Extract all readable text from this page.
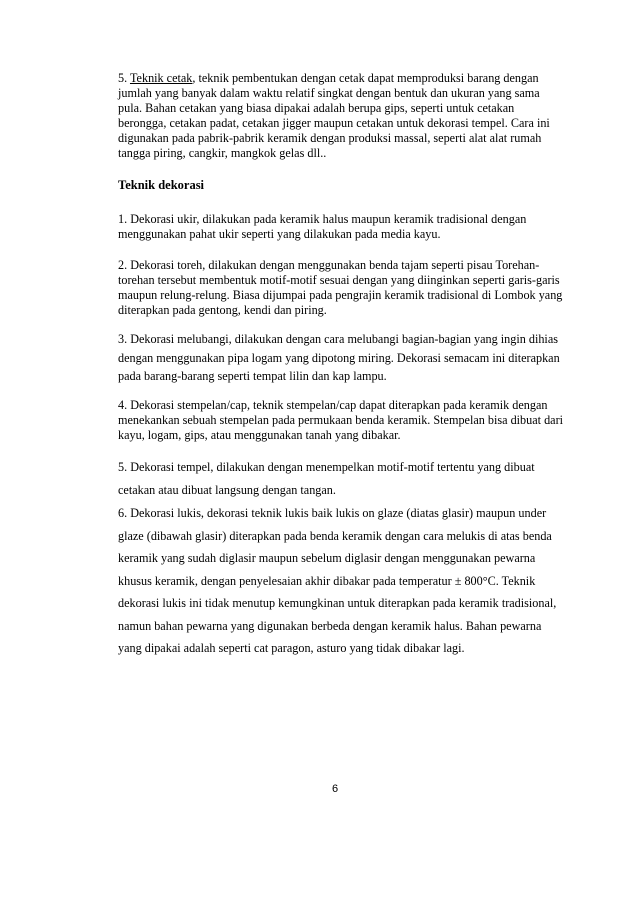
5. Teknik cetak, teknik pembentukan dengan cetak dapat memproduksi barang dengan jumlah yang banyak dalam waktu relatif singkat dengan bentuk dan ukuran yang sama pula. Bahan cetakan yang biasa dipakai adalah berupa gips, seperti untuk cetakan berongga, cetakan padat, cetakan jigger maupun cetakan untuk dekorasi tempel. Cara ini digunakan pada pabrik-pabrik keramik dengan produksi massal, seperti alat alat rumah tangga piring, cangkir, mangkok gelas dll..

Teknik dekorasi

1. Dekorasi ukir, dilakukan pada keramik halus maupun keramik tradisional dengan menggunakan pahat ukir seperti yang dilakukan pada media kayu.

2. Dekorasi toreh, dilakukan dengan menggunakan benda tajam seperti pisau Torehan-torehan tersebut membentuk motif-motif sesuai dengan yang diinginkan seperti garis-garis maupun relung-relung. Biasa dijumpai pada pengrajin keramik tradisional di Lombok yang diterapkan pada gentong, kendi dan piring.

3. Dekorasi melubangi, dilakukan dengan cara melubangi bagian-bagian yang ingin dihias dengan menggunakan pipa logam yang dipotong miring. Dekorasi semacam ini diterapkan pada barang-barang seperti tempat lilin dan kap lampu.

4. Dekorasi stempelan/cap, teknik stempelan/cap dapat diterapkan pada keramik dengan menekankan sebuah stempelan pada permukaan benda keramik. Stempelan bisa dibuat dari kayu, logam, gips, atau menggunakan tanah yang dibakar.

5. Dekorasi tempel, dilakukan dengan menempelkan motif-motif tertentu yang dibuat cetakan atau dibuat langsung dengan tangan.

6. Dekorasi lukis, dekorasi teknik lukis baik lukis on glaze (diatas glasir) maupun under glaze (dibawah glasir) diterapkan pada benda keramik dengan cara melukis di atas benda keramik yang sudah diglasir maupun sebelum diglasir dengan menggunakan pewarna khusus keramik, dengan penyelesaian akhir dibakar pada temperatur ± 800°C. Teknik dekorasi lukis ini tidak menutup kemungkinan untuk diterapkan pada keramik tradisional, namun bahan pewarna yang digunakan berbeda dengan keramik halus. Bahan pewarna yang dipakai adalah seperti cat paragon, asturo yang tidak dibakar lagi.

6
